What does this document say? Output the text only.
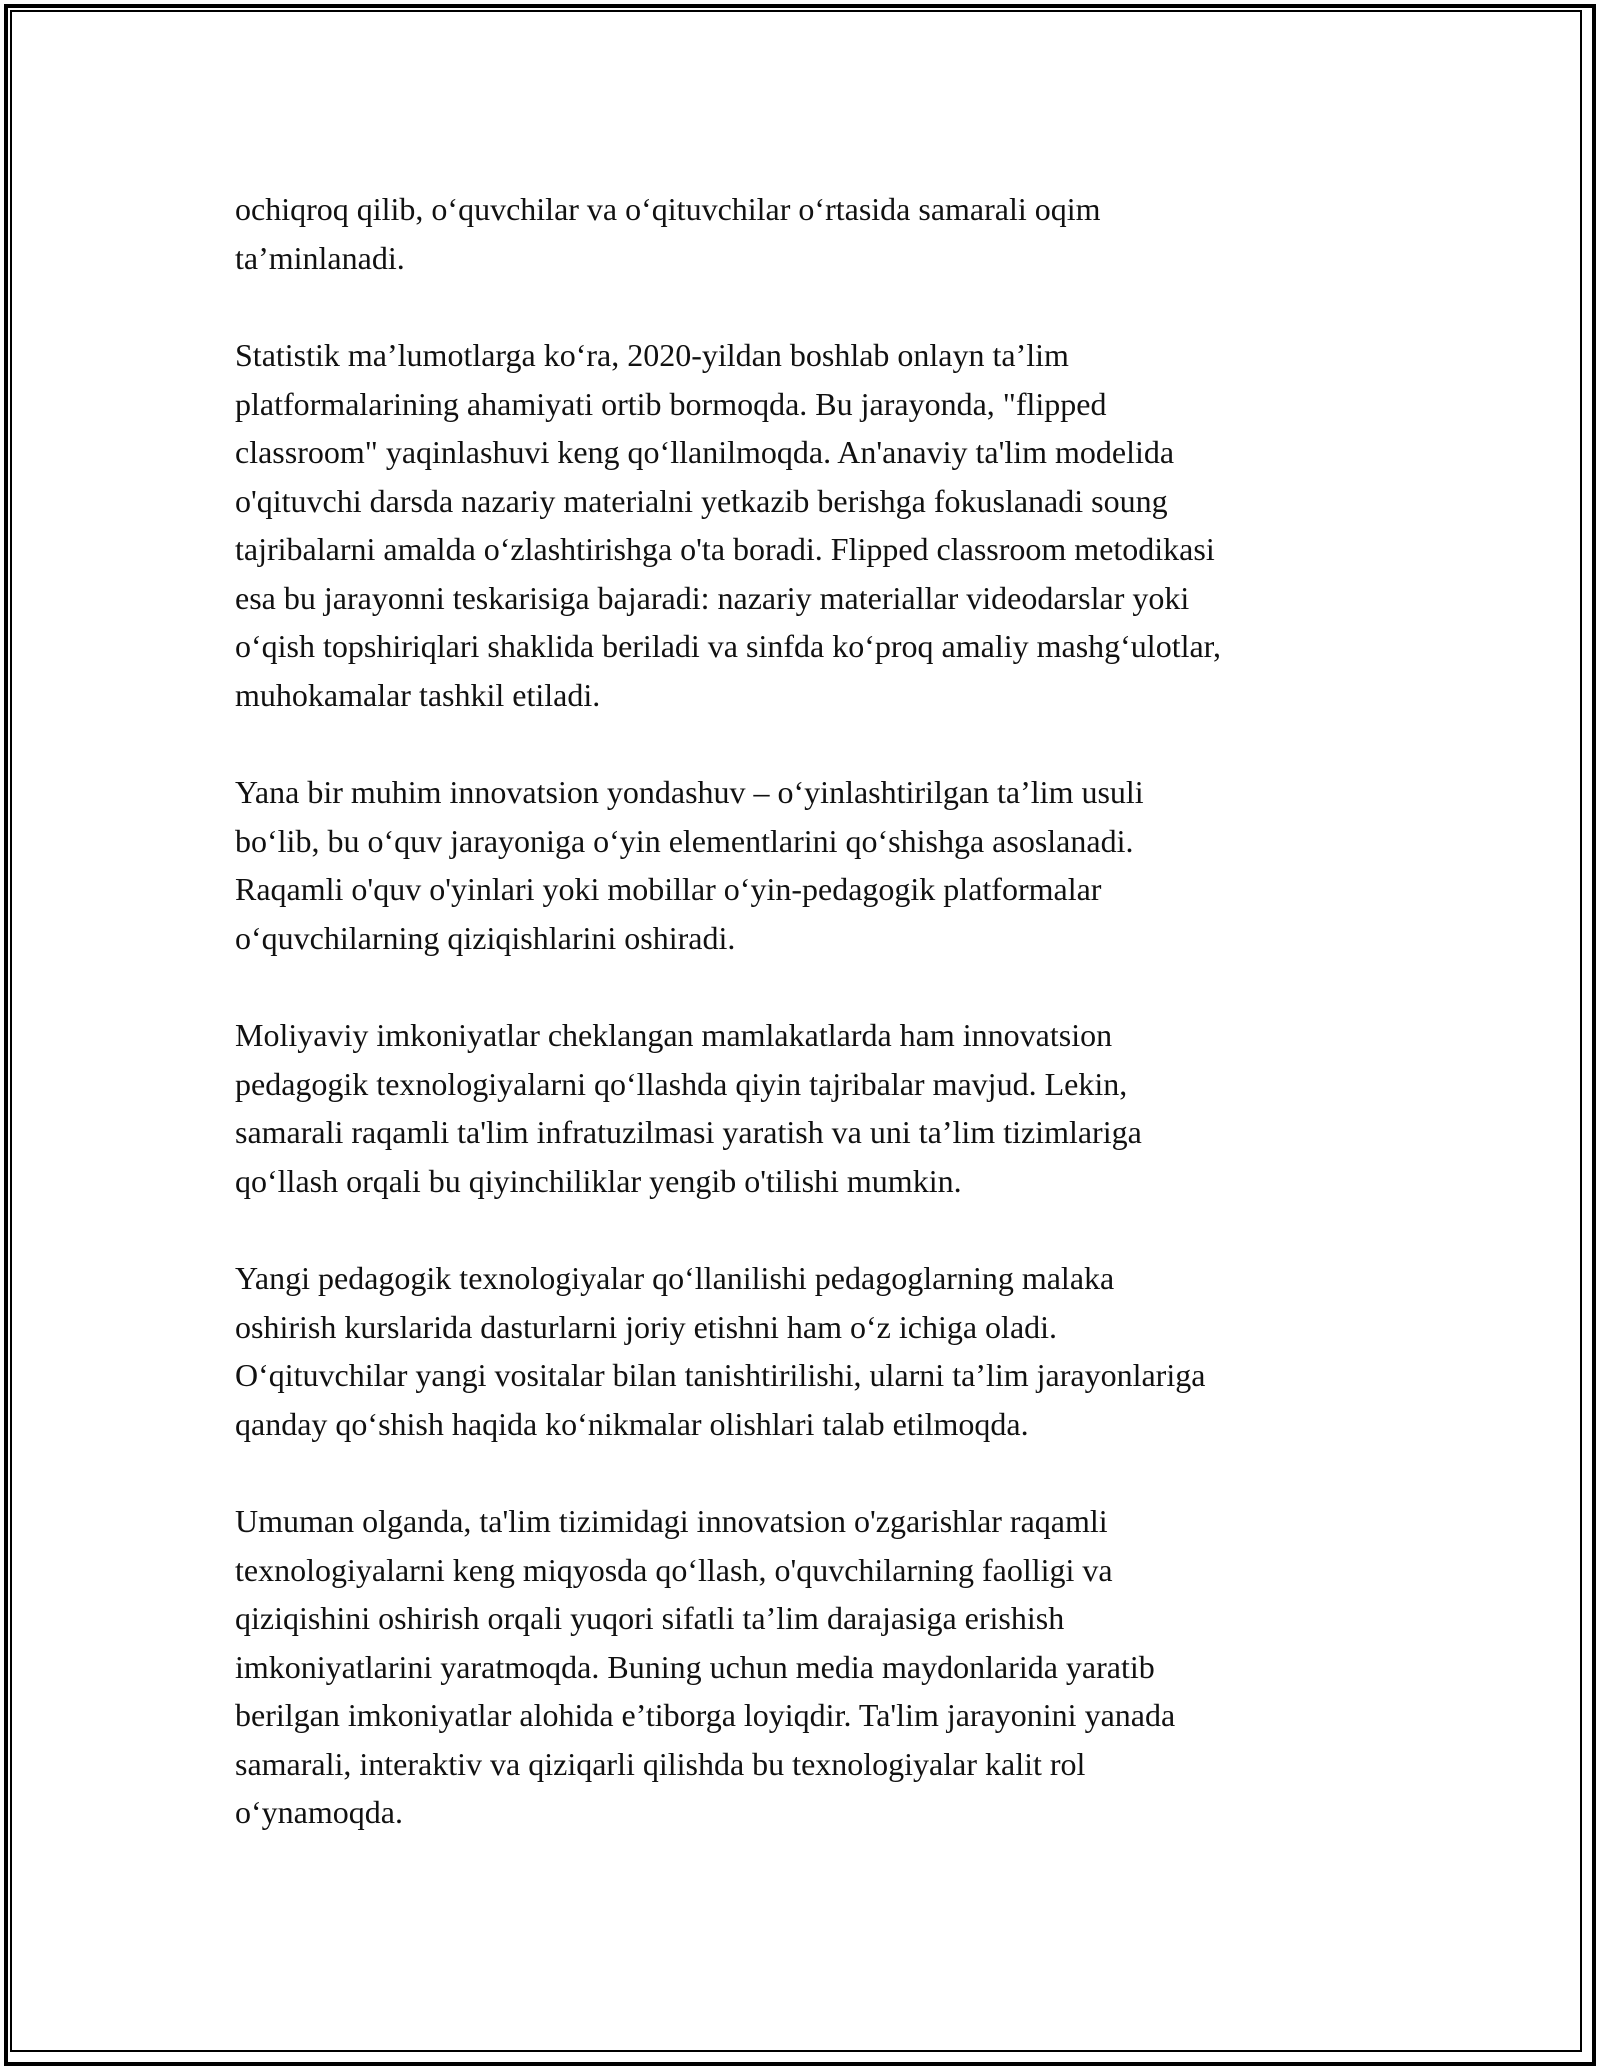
ochiqroq qilib, o‘quvchilar va o‘qituvchilar o‘rtasida samarali oqim
ta’minlanadi.

Statistik ma’lumotlarga ko‘ra, 2020-yildan boshlab onlayn ta’lim
platformalarining ahamiyati ortib bormoqda. Bu jarayonda, "flipped
classroom" yaqinlashuvi keng qo‘llanilmoqda. An'anaviy ta'lim modelida
o'qituvchi darsda nazariy materialni yetkazib berishga fokuslanadi soung
tajribalarni amalda o‘zlashtirishga o'ta boradi. Flipped classroom metodikasi
esa bu jarayonni teskarisiga bajaradi: nazariy materiallar videodarslar yoki
o‘qish topshiriqlari shaklida beriladi va sinfda ko‘proq amaliy mashg‘ulotlar,
muhokamalar tashkil etiladi.

Yana bir muhim innovatsion yondashuv – o‘yinlashtirilgan ta’lim usuli
bo‘lib, bu o‘quv jarayoniga o‘yin elementlarini qo‘shishga asoslanadi.
Raqamli o'quv o'yinlari yoki mobillar o‘yin-pedagogik platformalar
o‘quvchilarning qiziqishlarini oshiradi.

Moliyaviy imkoniyatlar cheklangan mamlakatlarda ham innovatsion
pedagogik texnologiyalarni qo‘llashda qiyin tajribalar mavjud. Lekin,
samarali raqamli ta'lim infratuzilmasi yaratish va uni ta’lim tizimlariga
qo‘llash orqali bu qiyinchiliklar yengib o'tilishi mumkin.

Yangi pedagogik texnologiyalar qo‘llanilishi pedagoglarning malaka
oshirish kurslarida dasturlarni joriy etishni ham o‘z ichiga oladi.
O‘qituvchilar yangi vositalar bilan tanishtirilishi, ularni ta’lim jarayonlariga
qanday qo‘shish haqida ko‘nikmalar olishlari talab etilmoqda.

Umuman olganda, ta'lim tizimidagi innovatsion o'zgarishlar raqamli
texnologiyalarni keng miqyosda qo‘llash, o'quvchilarning faolligi va
qiziqishini oshirish orqali yuqori sifatli ta’lim darajasiga erishish
imkoniyatlarini yaratmoqda. Buning uchun media maydonlarida yaratib
berilgan imkoniyatlar alohida e’tiborga loyiqdir. Ta'lim jarayonini yanada
samarali, interaktiv va qiziqarli qilishda bu texnologiyalar kalit rol
o‘ynamoqda.
